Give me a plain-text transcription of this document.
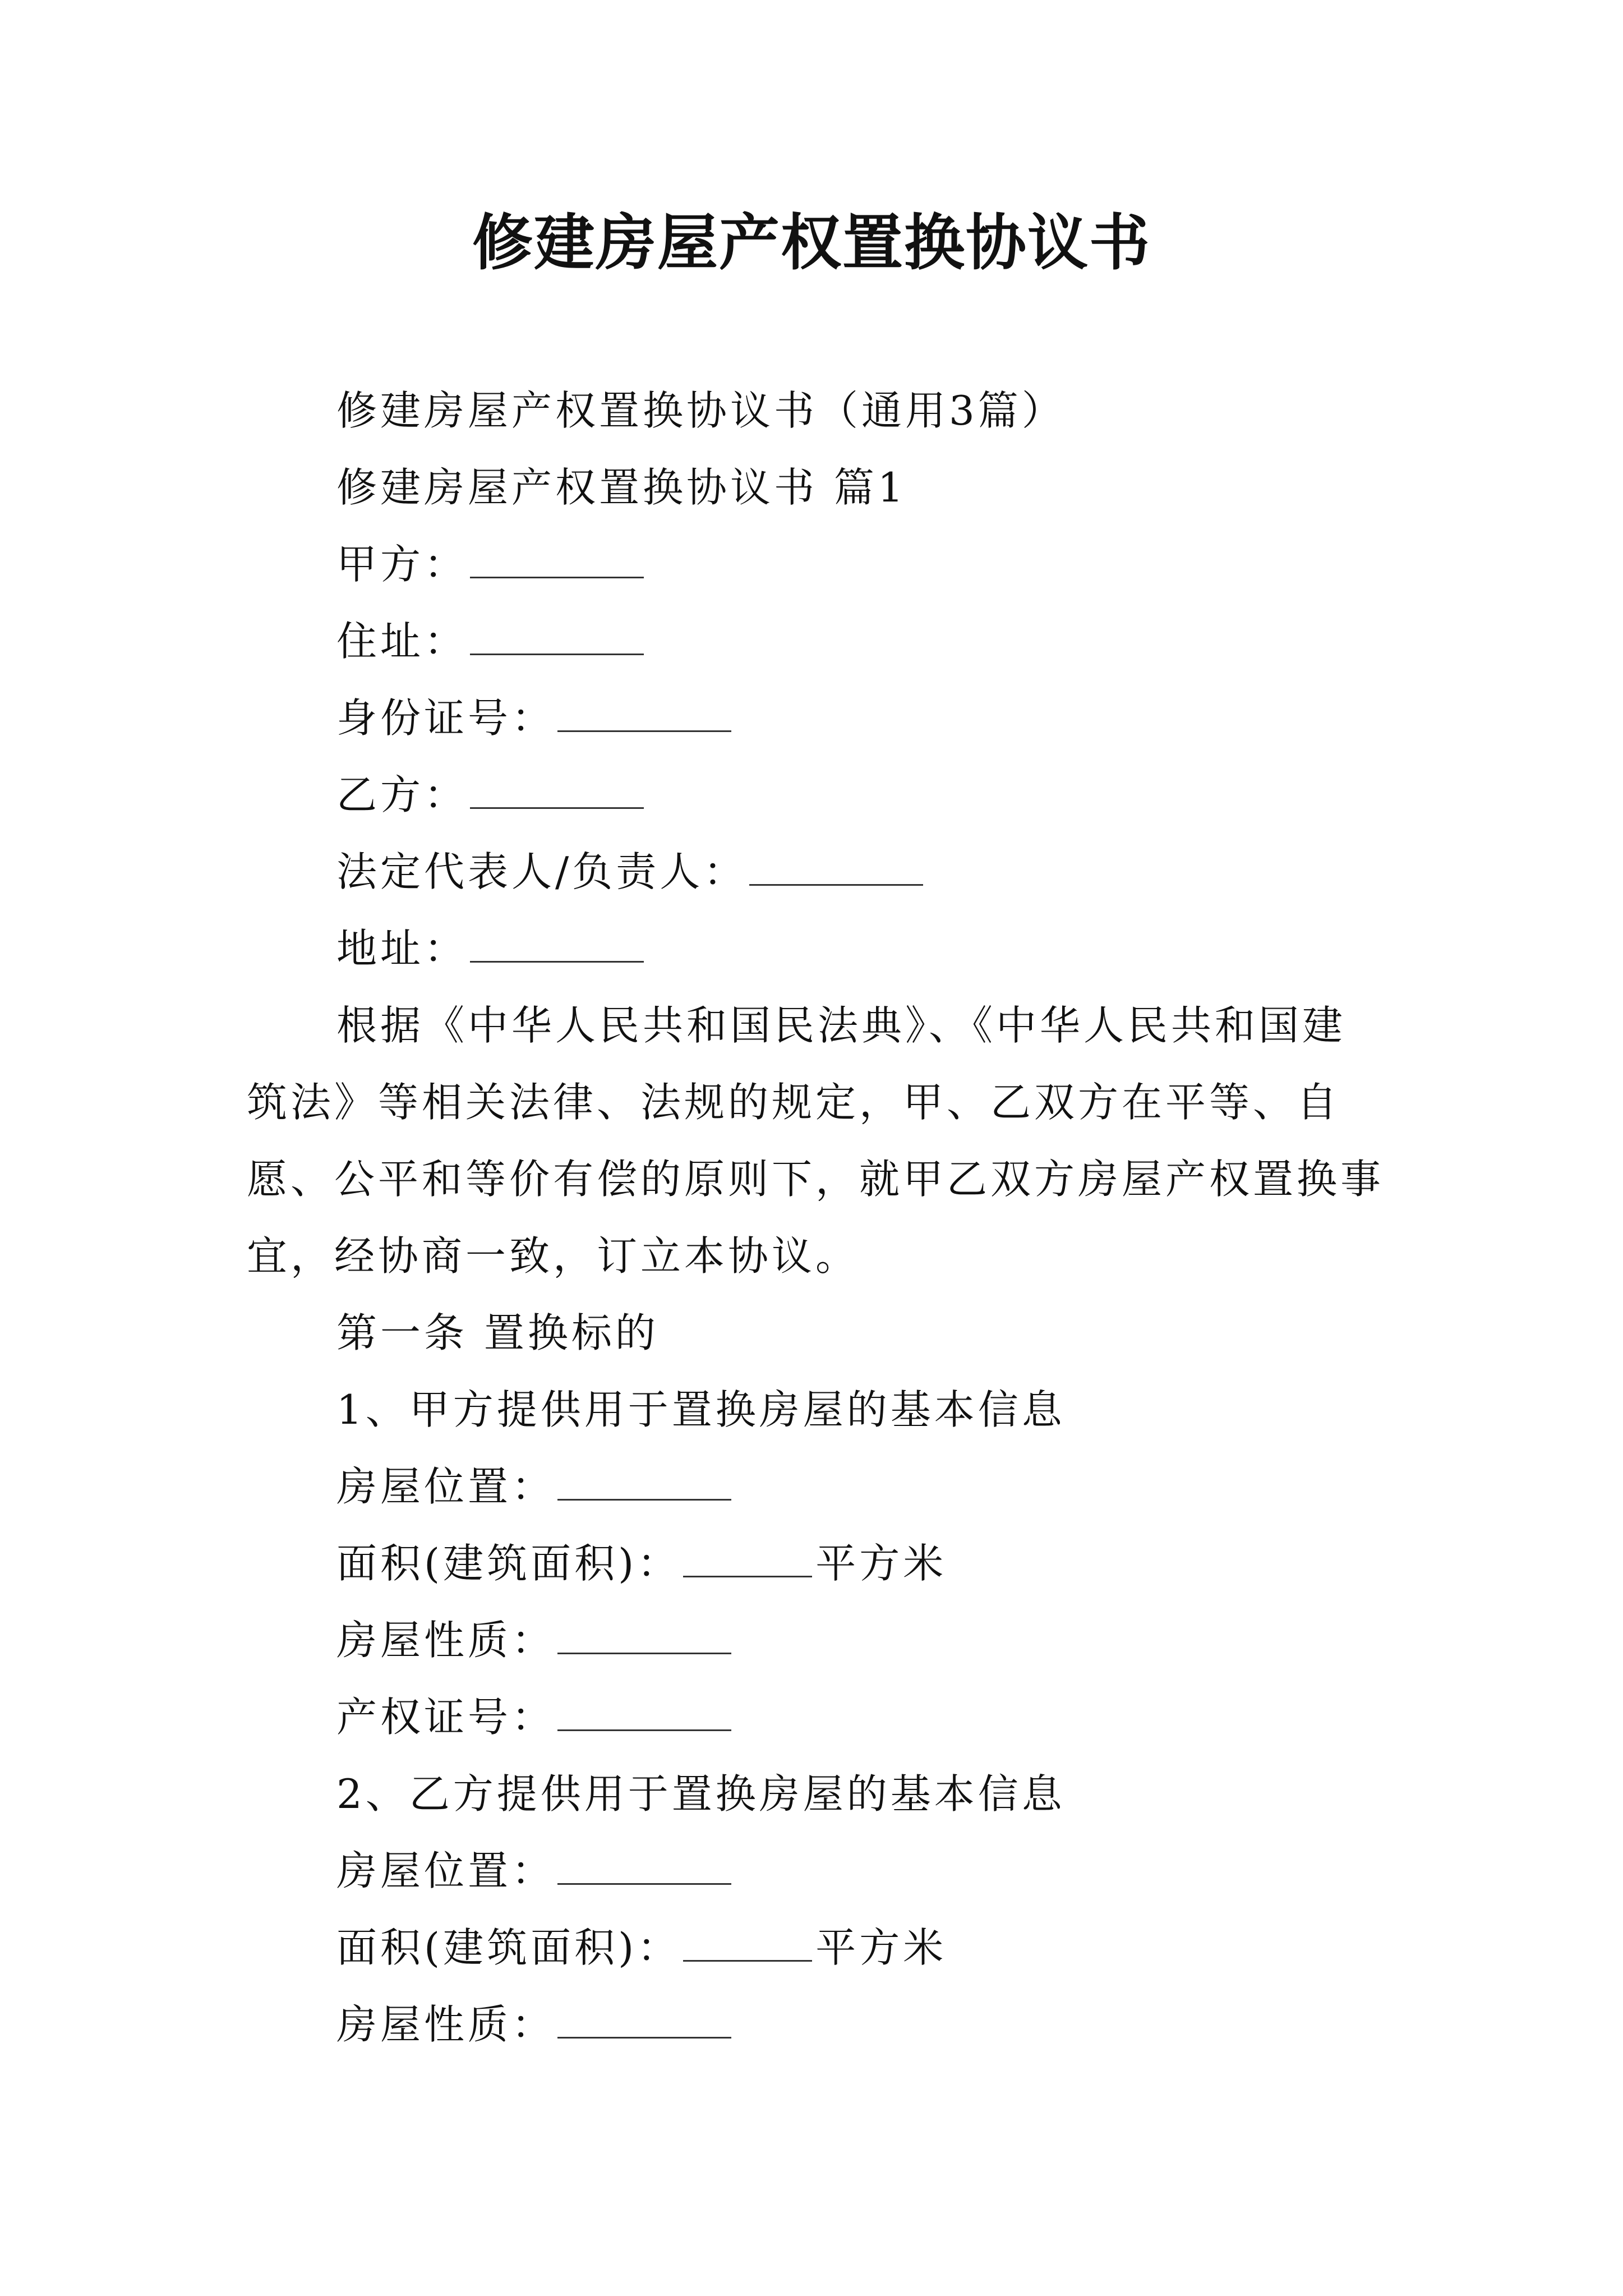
修建房屋产权置换协议书
修建房屋产权置换协议书（通用3篇）
修建房屋产权置换协议书 篇1
甲方：
住址：
身份证号：
乙方：
法定代表人/负责人：
地址：

根据《中华人民共和国民法典》、《中华人民共和国建筑法》等相关法律、法规的规定，甲、乙双方在平等、自愿、公平和等价有偿的原则下，就甲乙双方房屋产权置换事宜，经协商一致，订立本协议。

第一条 置换标的
1、甲方提供用于置换房屋的基本信息
房屋位置：
面积(建筑面积)：	平方米
房屋性质：
产权证号：
2、乙方提供用于置换房屋的基本信息
房屋位置：
面积(建筑面积)：	平方米
房屋性质：
